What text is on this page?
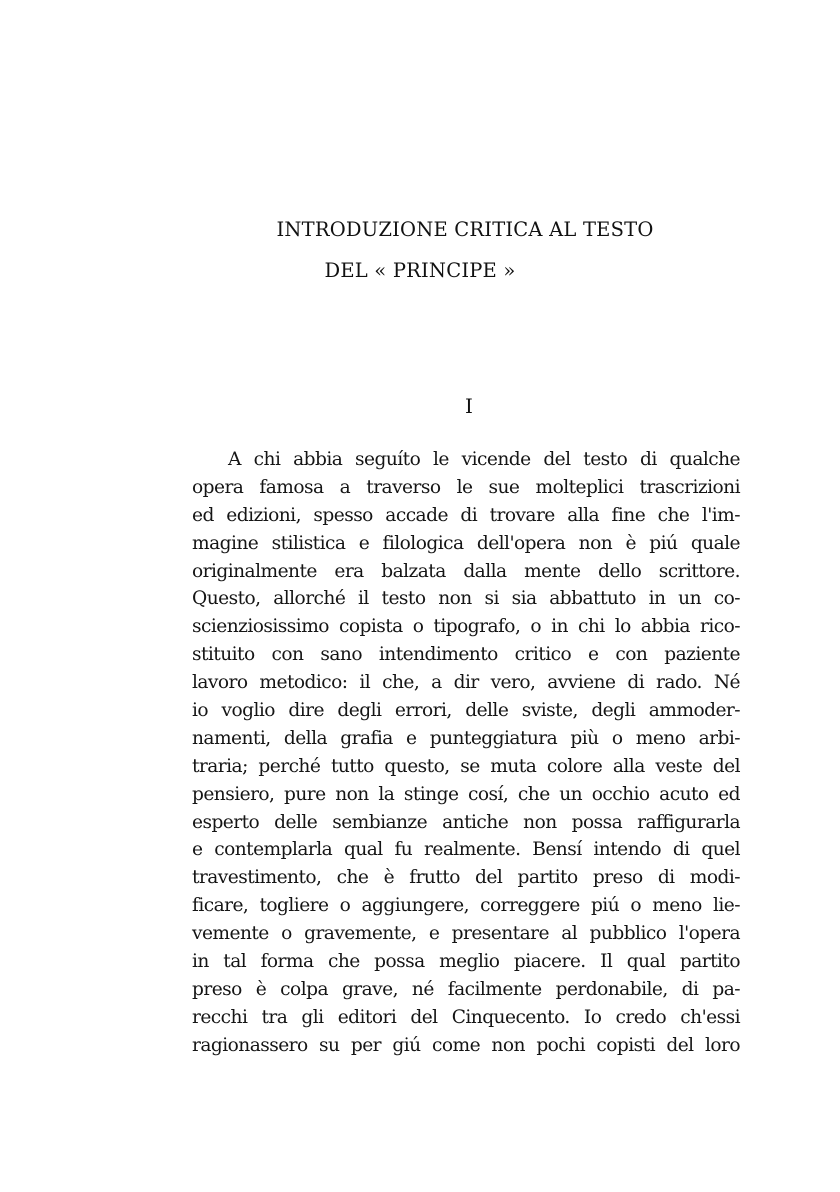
INTRODUZIONE CRITICA AL TESTO
DEL « PRINCIPE »
I
A chi abbia seguíto le vicende del testo di qualche
opera famosa a traverso le sue molteplici trascrizioni
ed edizioni, spesso accade di trovare alla fine che l'im-
magine stilistica e filologica dell'opera non è piú quale
originalmente era balzata dalla mente dello scrittore.
Questo, allorché il testo non si sia abbattuto in un co-
scienziosissimo copista o tipografo, o in chi lo abbia rico-
stituito con sano intendimento critico e con paziente
lavoro metodico: il che, a dir vero, avviene di rado. Né
io voglio dire degli errori, delle sviste, degli ammoder-
namenti, della grafia e punteggiatura più o meno arbi-
traria; perché tutto questo, se muta colore alla veste del
pensiero, pure non la stinge cosí, che un occhio acuto ed
esperto delle sembianze antiche non possa raffigurarla
e contemplarla qual fu realmente. Bensí intendo di quel
travestimento, che è frutto del partito preso di modi-
ficare, togliere o aggiungere, correggere piú o meno lie-
vemente o gravemente, e presentare al pubblico l'opera
in tal forma che possa meglio piacere. Il qual partito
preso è colpa grave, né facilmente perdonabile, di pa-
recchi tra gli editori del Cinquecento. Io credo ch'essi
ragionassero su per giú come non pochi copisti del loro
